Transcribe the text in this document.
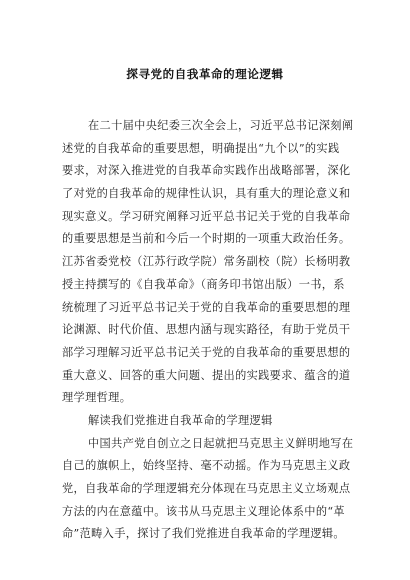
探寻党的自我革命的理论逻辑
在二十届中央纪委三次全会上，习近平总书记深刻阐
述党的自我革命的重要思想，明确提出“九个以”的实践
要求，对深入推进党的自我革命实践作出战略部署，深化
了对党的自我革命的规律性认识，具有重大的理论意义和
现实意义。学习研究阐释习近平总书记关于党的自我革命
的重要思想是当前和今后一个时期的一项重大政治任务。
江苏省委党校（江苏行政学院）常务副校（院）长杨明教
授主持撰写的《自我革命》（商务印书馆出版）一书，系
统梳理了习近平总书记关于党的自我革命的重要思想的理
论渊源、时代价值、思想内涵与现实路径，有助于党员干
部学习理解习近平总书记关于党的自我革命的重要思想的
重大意义、回答的重大问题、提出的实践要求、蕴含的道
理学理哲理。
解读我们党推进自我革命的学理逻辑
中国共产党自创立之日起就把马克思主义鲜明地写在
自己的旗帜上，始终坚持、毫不动摇。作为马克思主义政
党，自我革命的学理逻辑充分体现在马克思主义立场观点
方法的内在意蕴中。该书从马克思主义理论体系中的“革
命”范畴入手，探讨了我们党推进自我革命的学理逻辑。
